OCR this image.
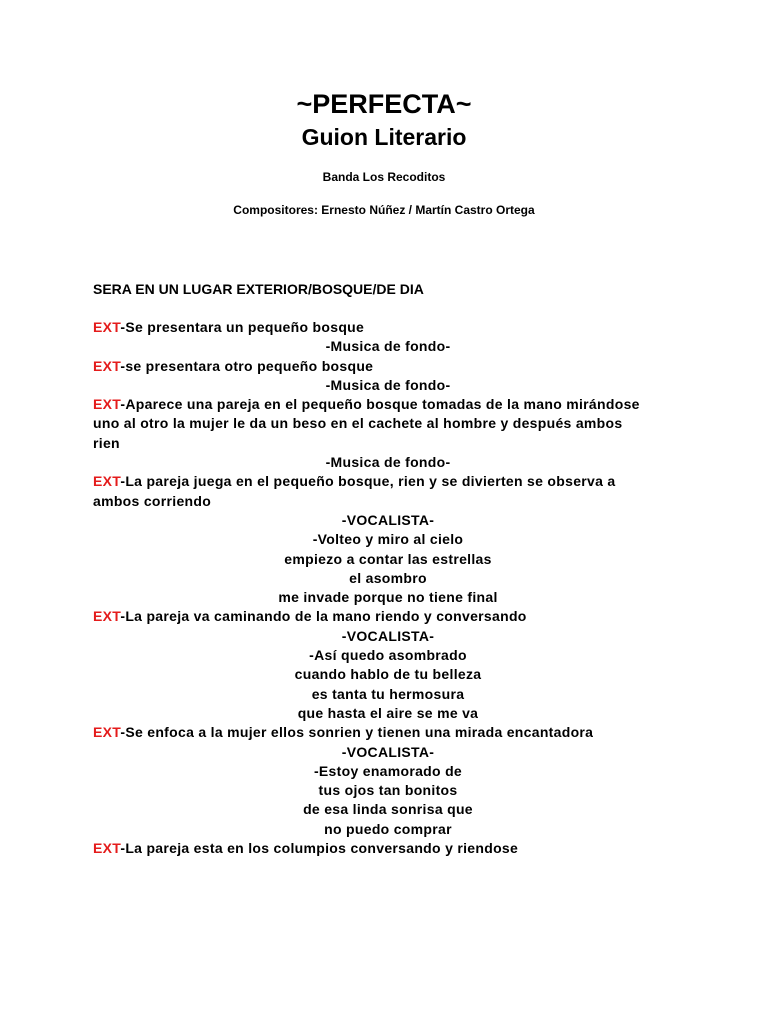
~PERFECTA~
Guion Literario
Banda Los Recoditos
Compositores: Ernesto Núñez / Martín Castro Ortega
SERA EN UN LUGAR EXTERIOR/BOSQUE/DE DIA
EXT-Se presentara un pequeño bosque
-Musica de fondo-
EXT-se presentara otro pequeño bosque
-Musica de fondo-
EXT-Aparece una pareja en el pequeño bosque tomadas de la mano mirándose
uno al otro la mujer le da un beso en el cachete al hombre y después ambos
rien
-Musica de fondo-
EXT-La pareja juega en el pequeño bosque, rien y se divierten se observa a
ambos corriendo
-VOCALISTA-
-Volteo y miro al cielo
empiezo a contar las estrellas
el asombro
me invade porque no tiene final
EXT-La pareja va caminando de la mano riendo y conversando
-VOCALISTA-
-Así quedo asombrado
cuando hablo de tu belleza
es tanta tu hermosura
que hasta el aire se me va
EXT-Se enfoca a la mujer ellos sonrien y tienen una mirada encantadora
-VOCALISTA-
-Estoy enamorado de
tus ojos tan bonitos
de esa linda sonrisa que
no puedo comprar
EXT-La pareja esta en los columpios conversando y riendose
